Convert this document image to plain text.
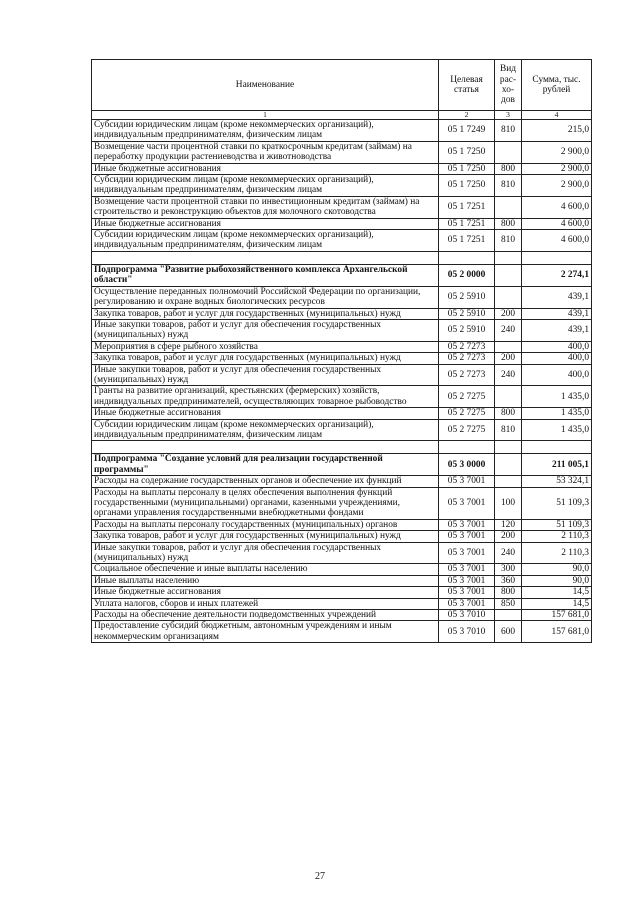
Наименование	Целевая статья	Вид рас-хо-дов	Сумма, тыс. рублей
1	2	3	4
Субсидии юридическим лицам (кроме некоммерческих организаций), индивидуальным предпринимателям, физическим лицам	05 1 7249	810	215,0
Возмещение части процентной ставки по краткосрочным кредитам (займам) на переработку продукции растениеводства и животноводства	05 1 7250		2 900,0
Иные бюджетные ассигнования	05 1 7250	800	2 900,0
Субсидии юридическим лицам (кроме некоммерческих организаций), индивидуальным предпринимателям, физическим лицам	05 1 7250	810	2 900,0
Возмещение части процентной ставки по инвестиционным кредитам (займам) на строительство и реконструкцию объектов для молочного скотоводства	05 1 7251		4 600,0
Иные бюджетные ассигнования	05 1 7251	800	4 600,0
Субсидии юридическим лицам (кроме некоммерческих организаций), индивидуальным предпринимателям, физическим лицам	05 1 7251	810	4 600,0

Подпрограмма "Развитие рыбохозяйственного комплекса Архангельской области"	05 2 0000		2 274,1
Осуществление переданных полномочий Российской Федерации по организации, регулированию и охране водных биологических ресурсов	05 2 5910		439,1
Закупка товаров, работ и услуг для государственных (муниципальных) нужд	05 2 5910	200	439,1
Иные закупки товаров, работ и услуг для обеспечения государственных (муниципальных) нужд	05 2 5910	240	439,1
Мероприятия в сфере рыбного хозяйства	05 2 7273		400,0
Закупка товаров, работ и услуг для государственных (муниципальных) нужд	05 2 7273	200	400,0
Иные закупки товаров, работ и услуг для обеспечения государственных (муниципальных) нужд	05 2 7273	240	400,0
Гранты на развитие организаций, крестьянских (фермерских) хозяйств, индивидуальных предпринимателей, осуществляющих товарное рыбоводство	05 2 7275		1 435,0
Иные бюджетные ассигнования	05 2 7275	800	1 435,0
Субсидии юридическим лицам (кроме некоммерческих организаций), индивидуальным предпринимателям, физическим лицам	05 2 7275	810	1 435,0

Подпрограмма "Создание условий для реализации государственной программы"	05 3 0000		211 005,1
Расходы на содержание государственных органов и обеспечение их функций	05 3 7001		53 324,1
Расходы на выплаты персоналу в целях обеспечения выполнения функций государственными (муниципальными) органами, казенными учреждениями, органами управления государственными внебюджетными фондами	05 3 7001	100	51 109,3
Расходы на выплаты персоналу государственных (муниципальных) органов	05 3 7001	120	51 109,3
Закупка товаров, работ и услуг для государственных (муниципальных) нужд	05 3 7001	200	2 110,3
Иные закупки товаров, работ и услуг для обеспечения государственных (муниципальных) нужд	05 3 7001	240	2 110,3
Социальное обеспечение и иные выплаты населению	05 3 7001	300	90,0
Иные выплаты населению	05 3 7001	360	90,0
Иные бюджетные ассигнования	05 3 7001	800	14,5
Уплата налогов, сборов и иных платежей	05 3 7001	850	14,5
Расходы на обеспечение деятельности подведомственных учреждений	05 3 7010		157 681,0
Предоставление субсидий бюджетным, автономным учреждениям и иным некоммерческим организациям	05 3 7010	600	157 681,0
27
